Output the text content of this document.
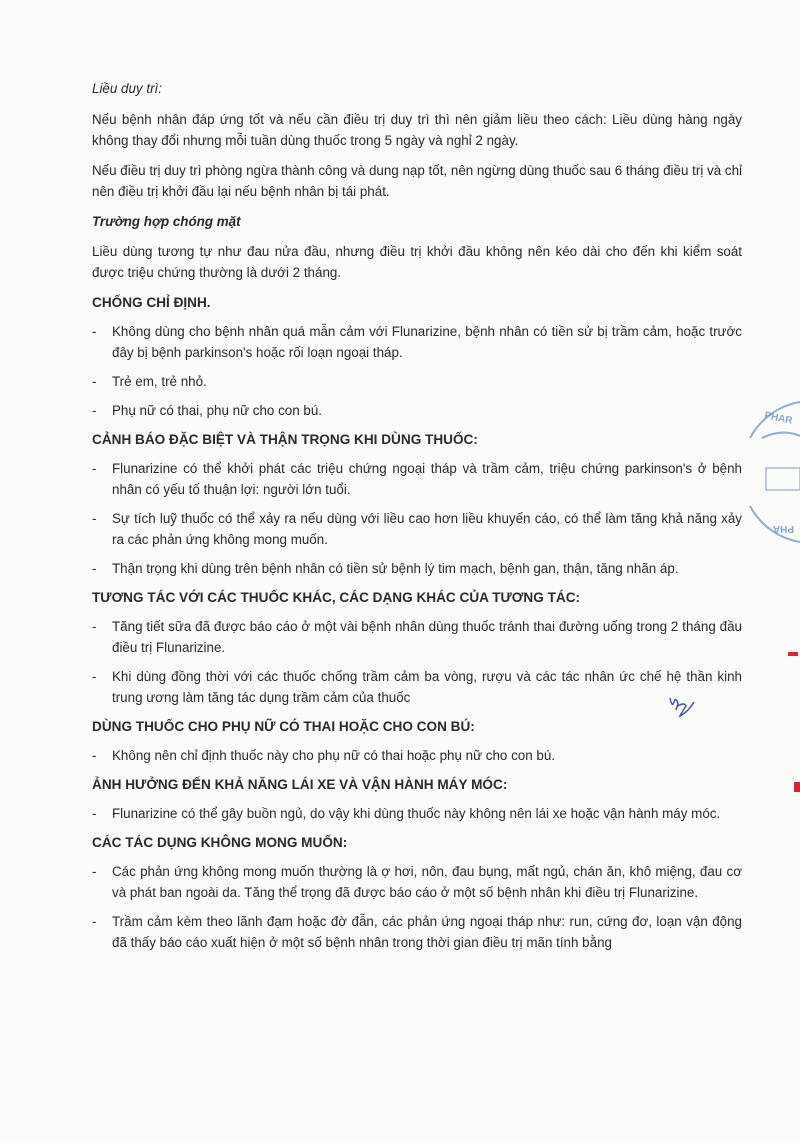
Liều duy trì:
Nếu bệnh nhân đáp ứng tốt và nếu cần điều trị duy trì thì nên giảm liều theo cách: Liều dùng hàng ngày không thay đổi nhưng mỗi tuần dùng thuốc trong 5 ngày và nghỉ 2 ngày.
Nếu điều trị duy trì phòng ngừa thành công và dung nạp tốt, nên ngừng dùng thuốc sau 6 tháng điều trị và chỉ nên điều trị khởi đầu lại nếu bệnh nhân bị tái phát.
Trường hợp chóng mặt
Liều dùng tương tự như đau nửa đầu, nhưng điều trị khởi đầu không nên kéo dài cho đến khi kiểm soát được triệu chứng thường là dưới 2 tháng.
CHỐNG CHỈ ĐỊNH.
- Không dùng cho bệnh nhân quá mẫn cảm với Flunarizine, bệnh nhân có tiền sử bị trầm cảm, hoặc trước đây bị bệnh parkinson's hoặc rối loạn ngoại tháp.
- Trẻ em, trẻ nhỏ.
- Phụ nữ có thai, phụ nữ cho con bú.
CẢNH BÁO ĐẶC BIỆT VÀ THẬN TRỌNG KHI DÙNG THUỐC:
- Flunarizine có thể khởi phát các triệu chứng ngoại tháp và trầm cảm, triệu chứng parkinson's ở bệnh nhân có yếu tố thuận lợi: người lớn tuổi.
- Sự tích luỹ thuốc có thể xảy ra nếu dùng với liều cao hơn liều khuyến cáo, có thể làm tăng khả năng xảy ra các phản ứng không mong muốn.
- Thận trọng khi dùng trên bệnh nhân có tiền sử bệnh lý tim mạch, bệnh gan, thận, tăng nhãn áp.
TƯƠNG TÁC VỚI CÁC THUỐC KHÁC, CÁC DẠNG KHÁC CỦA TƯƠNG TÁC:
- Tăng tiết sữa đã được báo cáo ở một vài bệnh nhân dùng thuốc tránh thai đường uống trong 2 tháng đầu điều trị Flunarizine.
- Khi dùng đồng thời với các thuốc chống trầm cảm ba vòng, rượu và các tác nhân ức chế hệ thần kinh trung ương làm tăng tác dụng trầm cảm của thuốc
DÙNG THUỐC CHO PHỤ NỮ CÓ THAI HOẶC CHO CON BÚ:
- Không nên chỉ định thuốc này cho phụ nữ có thai hoặc phụ nữ cho con bú.
ẢNH HƯỞNG ĐẾN KHẢ NĂNG LÁI XE VÀ VẬN HÀNH MÁY MÓC:
- Flunarizine có thể gây buồn ngủ, do vậy khi dùng thuốc này không nên lái xe hoặc vận hành máy móc.
CÁC TÁC DỤNG KHÔNG MONG MUỐN:
- Các phản ứng không mong muốn thường là ợ hơi, nôn, đau bụng, mất ngủ, chán ăn, khô miệng, đau cơ và phát ban ngoài da. Tăng thể trọng đã được báo cáo ở một số bệnh nhân khi điều trị Flunarizine.
- Trầm cảm kèm theo lãnh đạm hoặc đờ đẫn, các phản ứng ngoại tháp như: run, cứng đơ, loạn vận động đã thấy báo cáo xuất hiện ở một số bệnh nhân trong thời gian điều trị mãn tính bằng
PHAR
PHA
